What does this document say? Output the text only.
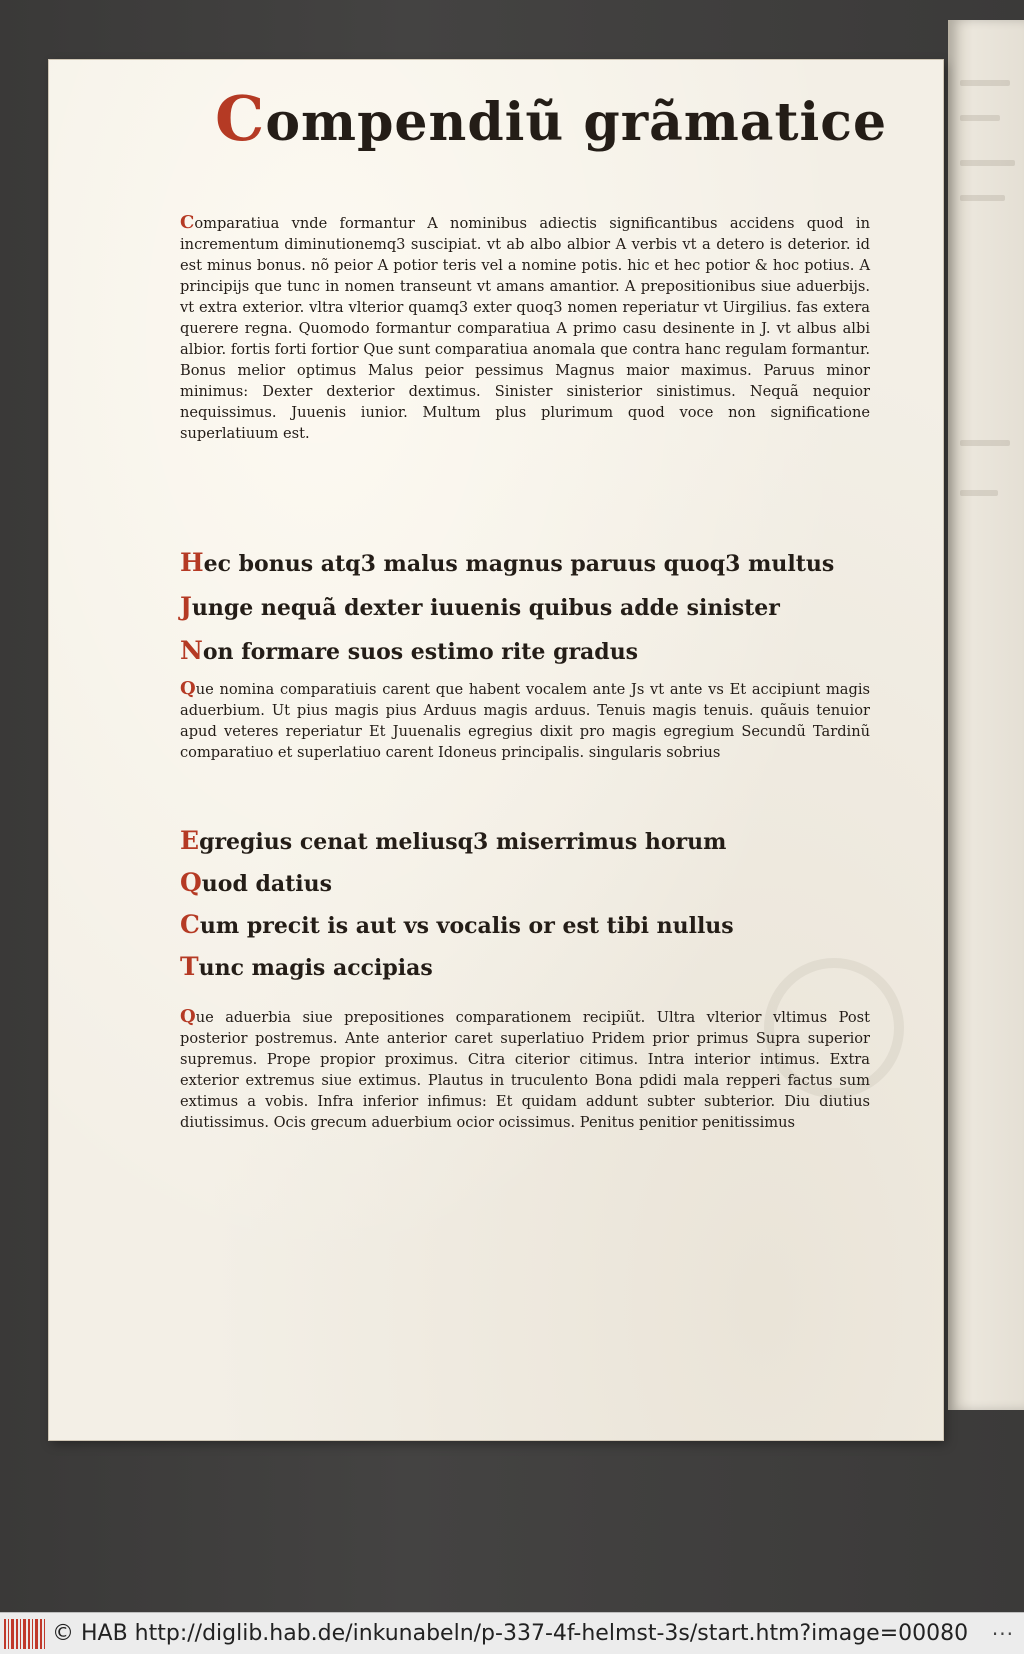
Compendiũ grãmatice

Comparatiua vnde formantur A nominibus adiectis significantibus accidens quod in incrementum diminutionemq3 suscipiat. vt ab albo albior A verbis vt a detero is deterior. id est minus bonus. nõ peior A potior teris vel a nomine potis. hic et hec potior & hoc potius. A principijs que tunc in nomen transeunt vt amans amantior. A prepositionibus siue aduerbijs. vt extra exterior. vltra vlterior quamq3 exter quoq3 nomen reperiatur vt Uirgilius. fas extera querere regna. Quomodo formantur comparatiua A primo casu desinente in J. vt albus albi albior. fortis forti fortior Que sunt comparatiua anomala que contra hanc regulam formantur. Bonus melior optimus Malus peior pessimus Magnus maior maximus. Paruus minor minimus: Dexter dexterior dextimus. Sinister sinisterior sinistimus. Nequã nequior nequissimus. Juuenis iunior. Multum plus plurimum quod voce non significatione superlatiuum est.

Hec bonus atq3 malus magnus paruus quoq3 multus

Junge nequã dexter iuuenis quibus adde sinister

Non formare suos estimo rite gradus

Que nomina comparatiuis carent que habent vocalem ante Js vt ante vs Et accipiunt magis aduerbium. Ut pius magis pius Arduus magis arduus. Tenuis magis tenuis. quãuis tenuior apud veteres reperiatur Et Juuenalis egregius dixit pro magis egregium Secundũ Tardinũ comparatiuo et superlatiuo carent Idoneus principalis. singularis sobrius

Egregius cenat meliusq3 miserrimus horum

Quod datius

Cum precit is aut vs vocalis or est tibi nullus

Tunc magis accipias

Que aduerbia siue prepositiones comparationem recipiũt. Ultra vlterior vltimus Post posterior postremus. Ante anterior caret superlatiuo Pridem prior primus Supra superior supremus. Prope propior proximus. Citra citerior citimus. Intra interior intimus. Extra exterior extremus siue extimus. Plautus in truculento Bona pdidi mala repperi factus sum extimus a vobis. Infra inferior infimus: Et quidam addunt subter subterior. Diu diutius diutissimus. Ocis grecum aduerbium ocior ocissimus. Penitus penitior penitissimus

© HAB http://diglib.hab.de/inkunabeln/p-337-4f-helmst-3s/start.htm?image=00080 ···
